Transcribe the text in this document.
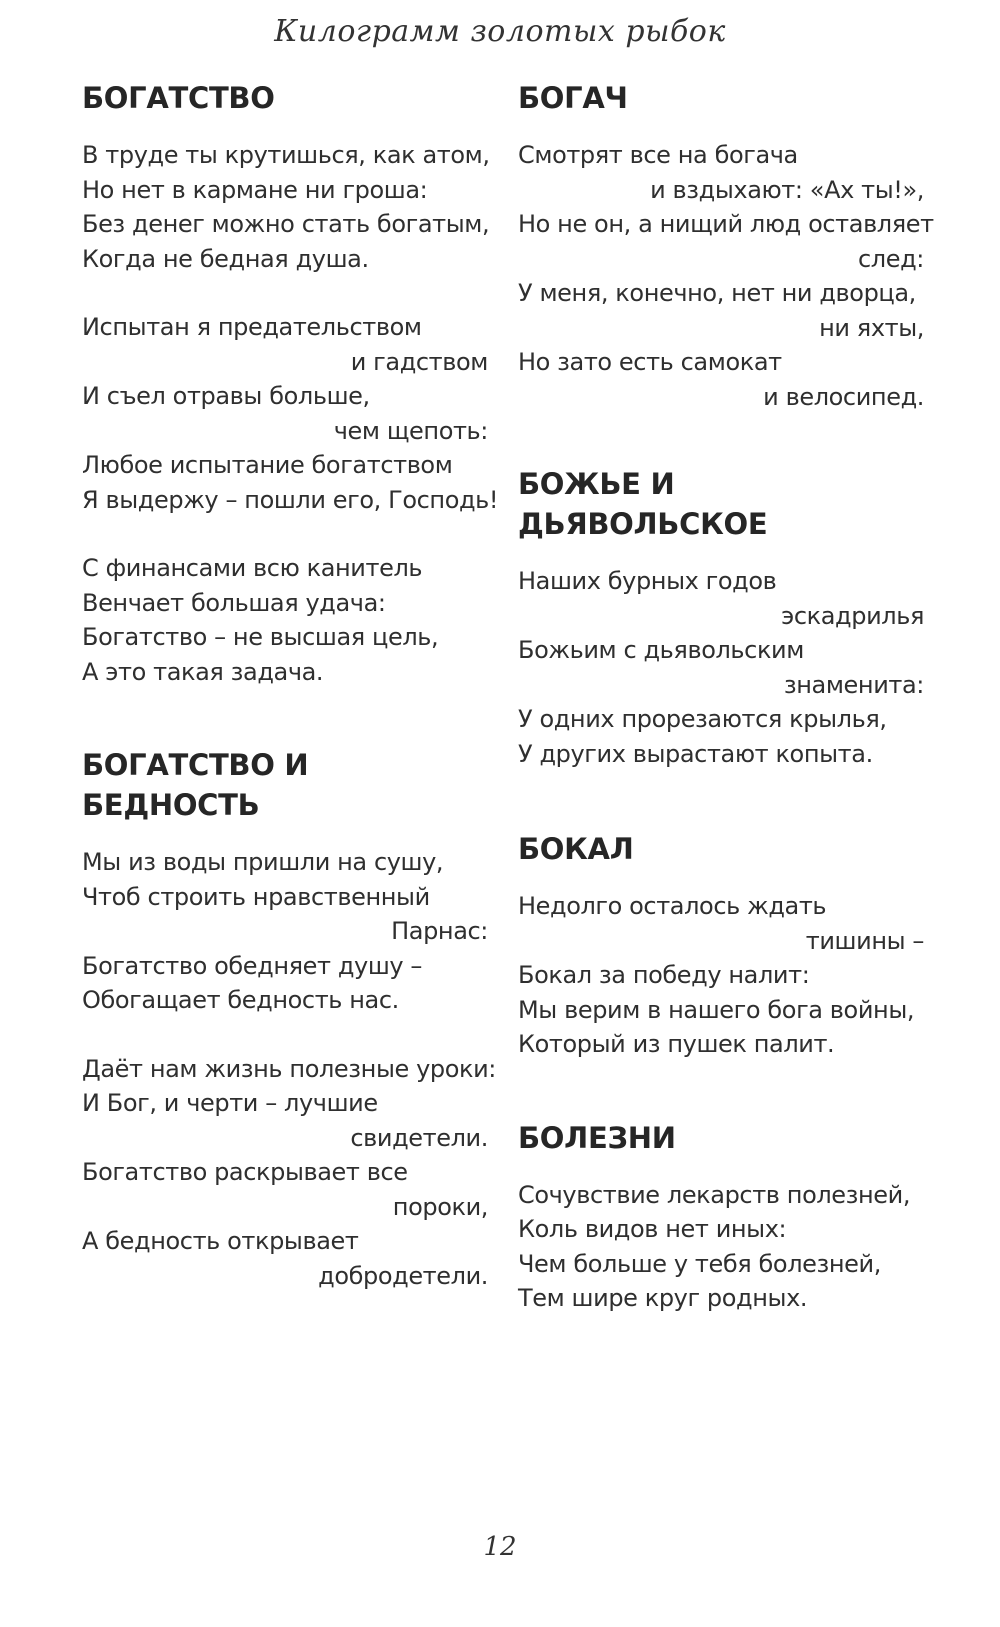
Килограмм золотых рыбок
БОГАТСТВО
В труде ты крутишься, как атом,
Но нет в кармане ни гроша:
Без денег можно стать богатым,
Когда не бедная душа.
Испытан я предательством
и гадством
И съел отравы больше,
чем щепоть:
Любое испытание богатством
Я выдержу – пошли его, Господь!
С финансами всю канитель
Венчает большая удача:
Богатство – не высшая цель,
А это такая задача.
БОГАТСТВО И БЕДНОСТЬ
Мы из воды пришли на сушу,
Чтоб строить нравственный
Парнас:
Богатство обедняет душу –
Обогащает бедность нас.
Даёт нам жизнь полезные уроки:
И Бог, и черти – лучшие
свидетели.
Богатство раскрывает все
пороки,
А бедность открывает
добродетели.
БОГАЧ
Смотрят все на богача
и вздыхают: «Ах ты!»,
Но не он, а нищий люд оставляет
след:
У меня, конечно, нет ни дворца,
ни яхты,
Но зато есть самокат
и велосипед.
БОЖЬЕ И ДЬЯВОЛЬСКОЕ
Наших бурных годов
эскадрилья
Божьим с дьявольским
знаменита:
У одних прорезаются крылья,
У других вырастают копыта.
БОКАЛ
Недолго осталось ждать
тишины –
Бокал за победу налит:
Мы верим в нашего бога войны,
Который из пушек палит.
БОЛЕЗНИ
Сочувствие лекарств полезней,
Коль видов нет иных:
Чем больше у тебя болезней,
Тем шире круг родных.
12
